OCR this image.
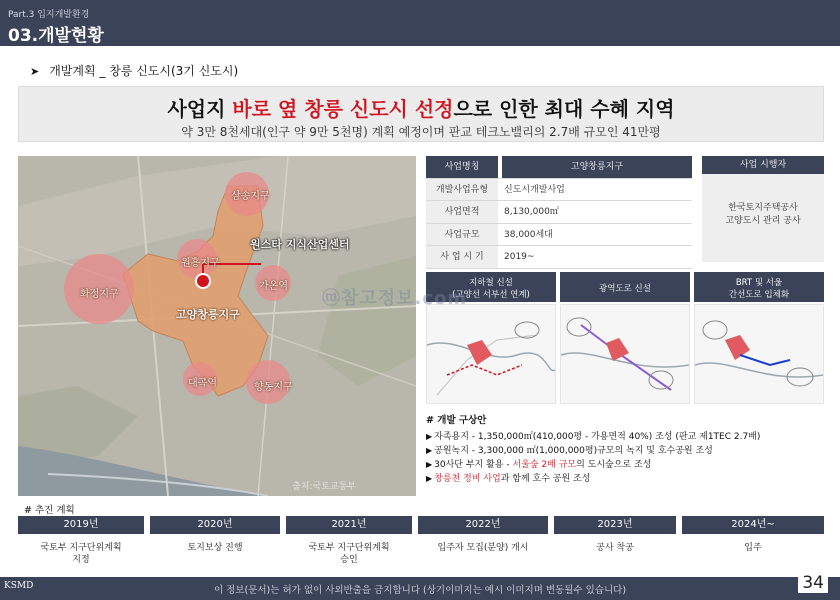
Part.3 입지개발환경
03.개발현황
➤ 개발계획 _ 창릉 신도시(3기 신도시)
사업지 바로 옆 창릉 신도시 선정으로 인한 최대 수혜 지역
약 3만 8천세대(인구 약 9만 5천명) 계획 예정이며 판교 테크노밸리의 2.7배 규모인 41만평
삼송지구
원흥지구
화정지구
가온역
고양창릉지구
대곡역	향동지구
원스타 지식산업센터
출처:국토교통부
사업명칭	고양창릉지구
개발사업유형	신도시개발사업
사업면적	8,130,000㎡
사업규모	38,000세대
사 업 시 기	2019~
사업 시행자
한국토지주택공사
고양도시 관리 공사
지하철 신설
(고양선 서부선 연계)
광역도로 신설
BRT 및 서울
간선도로 입체화
ⓜ참고정보.com
# 개발 구상안
▶ 자족용지 - 1,350,000㎡(410,000평 - 가용면적 40%) 조성 (판교 제1TEC 2.7배)
▶ 공원녹지 - 3,300,000 ㎡(1,000,000평)규모의 녹지 및 호수공원 조성
▶ 30사단 부지 활용 - 서울숲 2배 규모의 도시숲으로 조성
▶ 창릉천 정비 사업과 함께 호수 공원 조성
# 추진 계획
2019년
국토부 지구단위계획
지정
2020년
토지보상 진행
2021년
국토부 지구단위계획
승인
2022년
입주자 모집(분양) 개시
2023년
공사 착공
2024년~
입주
KSMD	이 정보(문서)는 허가 없이 사외반출을 금지합니다 (상기이미지는 예시 이미지며 변동될수 있습니다)	34
